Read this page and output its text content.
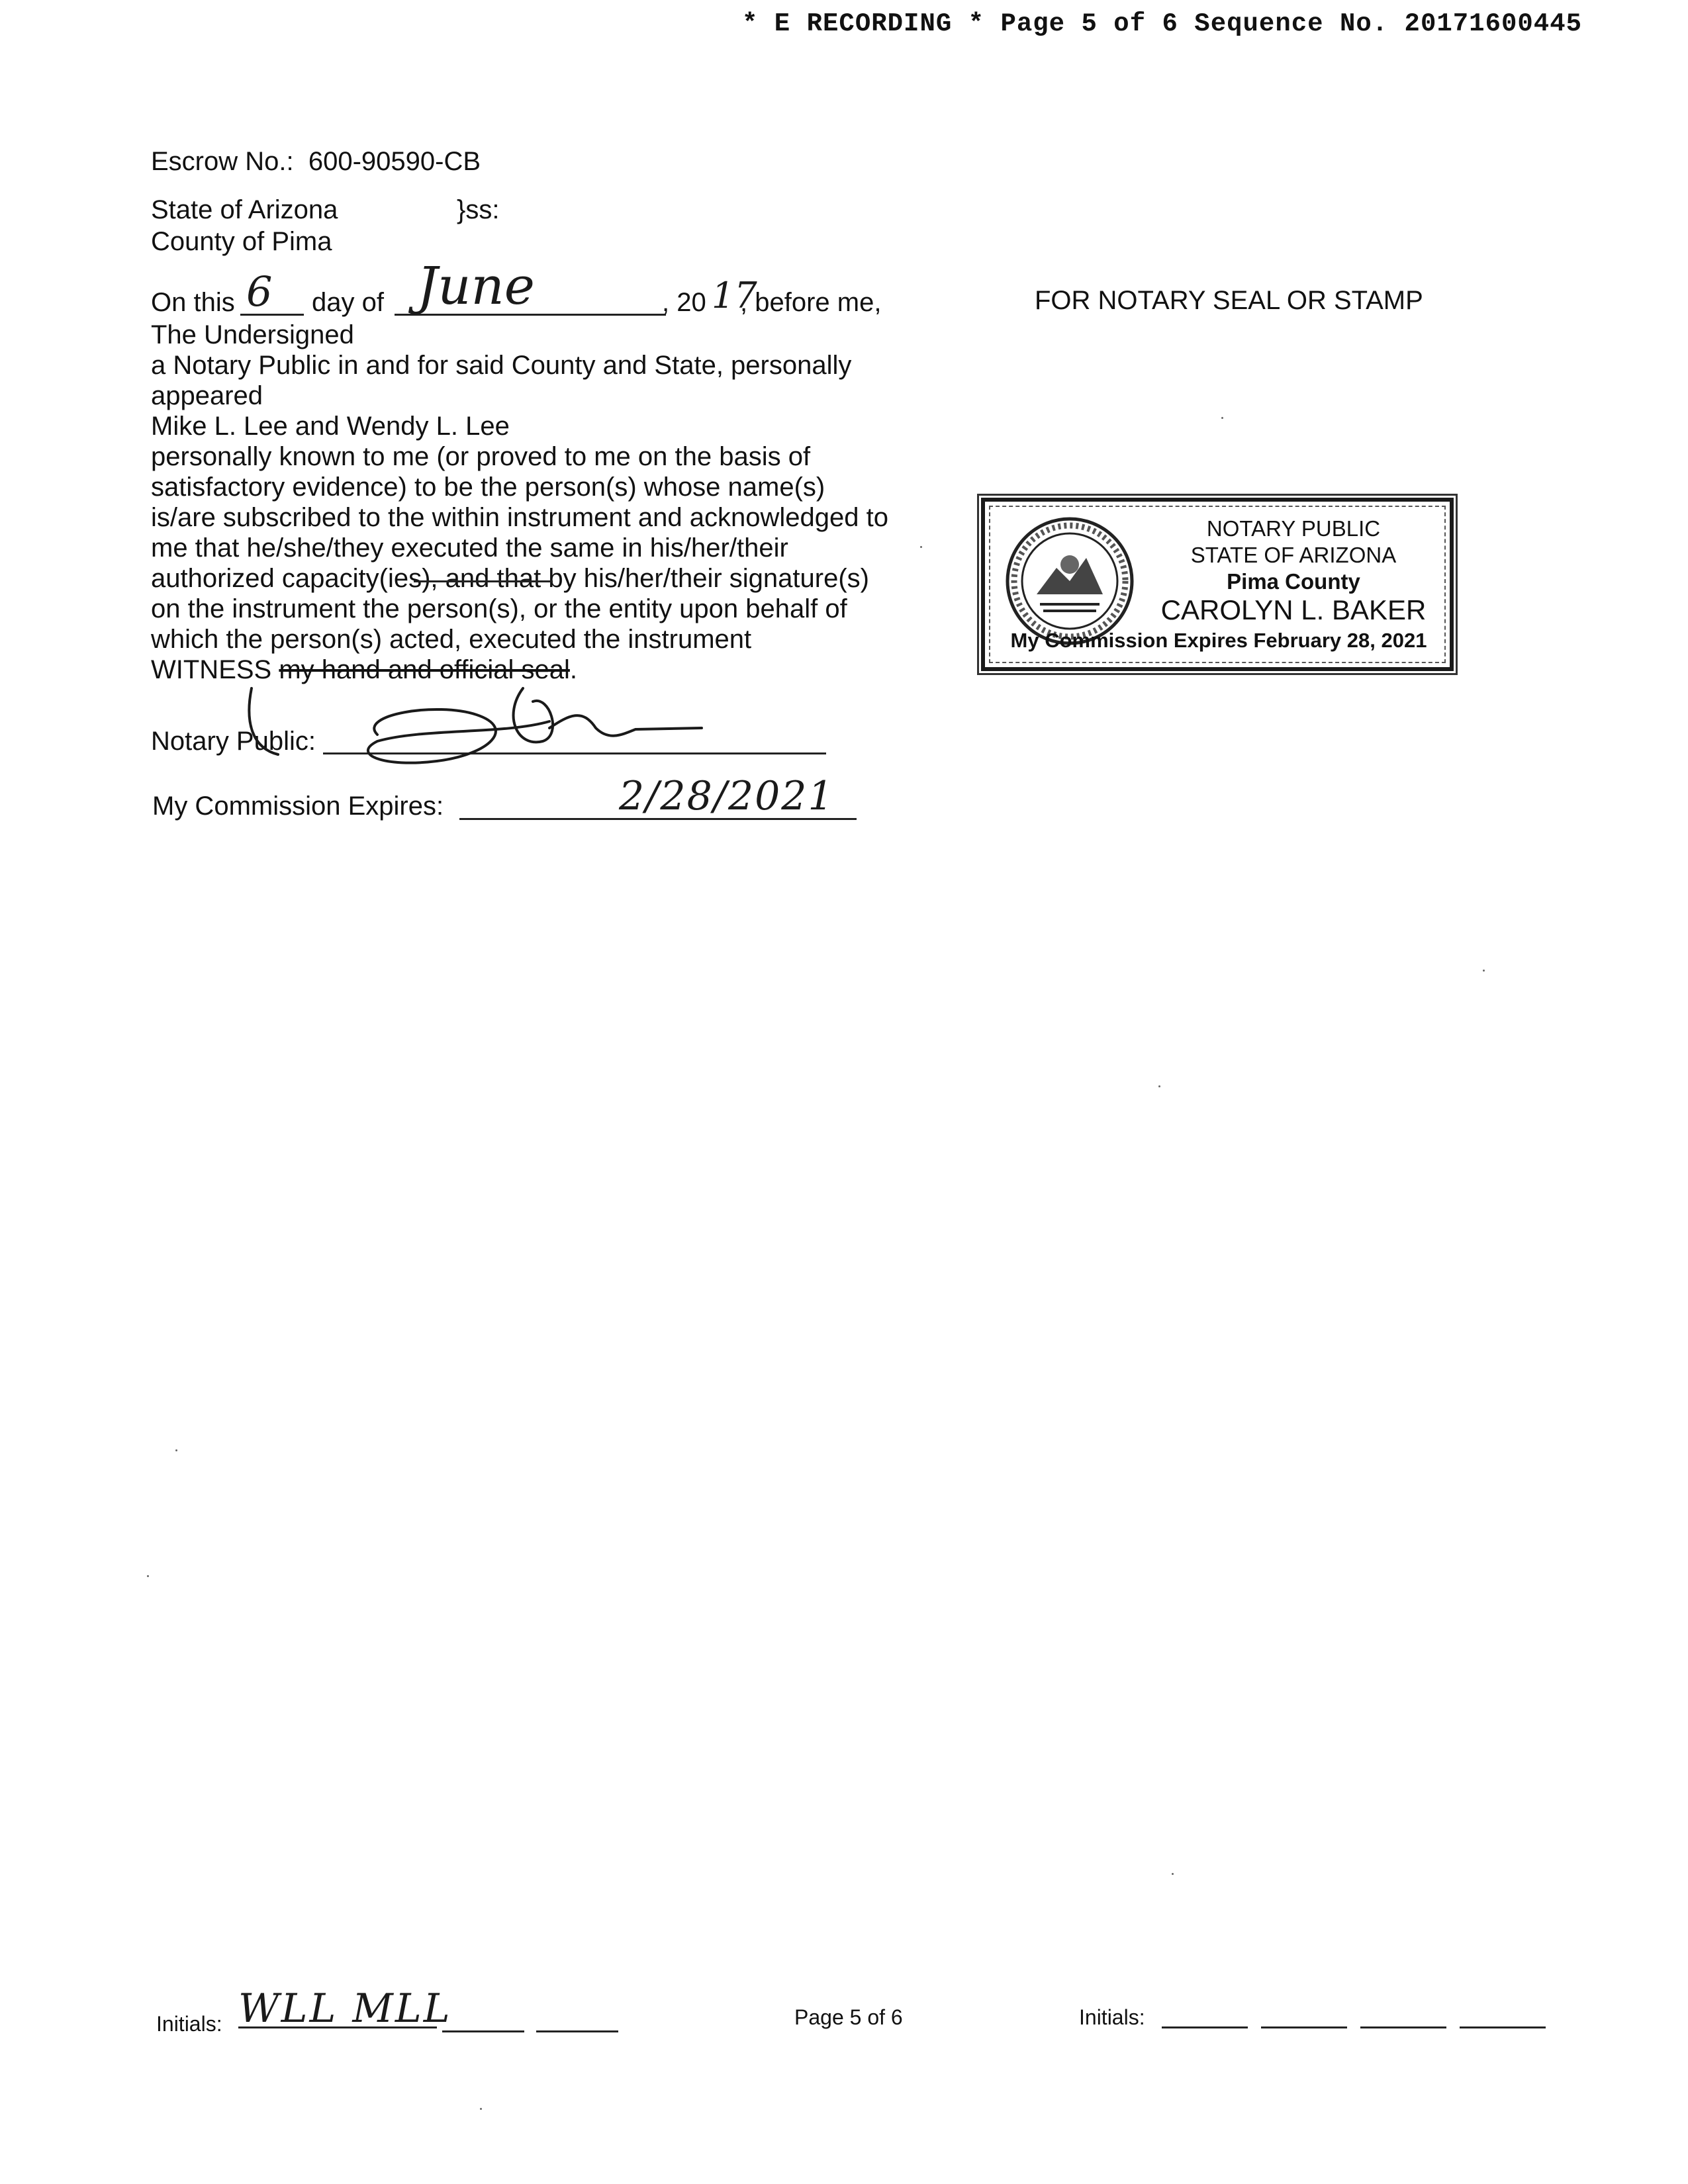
* E RECORDING * Page 5 of 6 Sequence No. 20171600445
Escrow No.: 600-90590-CB
State of Arizona	}ss:
County of Pima
On this 6 day of June	, 20 17
, before me,
The Undersigned
a Notary Public in and for said County and State, personally
appeared
Mike L. Lee and Wendy L. Lee
personally known to me (or proved to me on the basis of
satisfactory evidence) to be the person(s) whose name(s)
is/are subscribed to the within instrument and acknowledged to
me that he/she/they executed the same in his/her/their
authorized capacity(ies), and that by his/her/their signature(s)
on the instrument the person(s), or the entity upon behalf of
which the person(s) acted, executed the instrument
WITNESS my hand and official seal.
Notary Public:
My Commission Expires:	2/28/2021
FOR NOTARY SEAL OR STAMP
NOTARY PUBLIC
STATE OF ARIZONA
Pima County
CAROLYN L. BAKER
My Commission Expires February 28, 2021
Initials: WLL MLL	Page 5 of 6	Initials:
